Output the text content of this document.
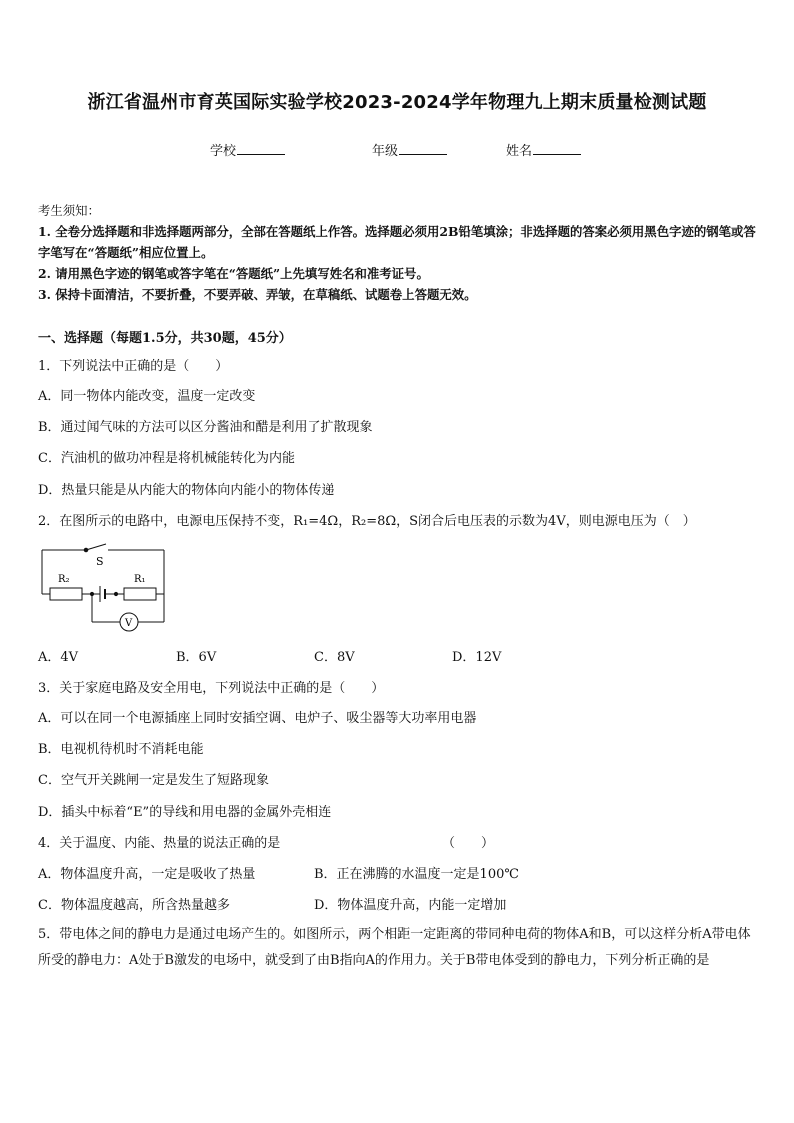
浙江省温州市育英国际实验学校2023-2024学年物理九上期末质量检测试题
学校	年级	姓名
考生须知：
1. 全卷分选择题和非选择题两部分，全部在答题纸上作答。选择题必须用2B铅笔填涂；非选择题的答案必须用黑色字迹的钢笔或答字笔写在“答题纸”相应位置上。
2. 请用黑色字迹的钢笔或答字笔在“答题纸”上先填写姓名和准考证号。
3. 保持卡面清洁，不要折叠，不要弄破、弄皱，在草稿纸、试题卷上答题无效。
一、选择题（每题1.5分，共30题，45分）
1．下列说法中正确的是（　　）
A．同一物体内能改变，温度一定改变
B．通过闻气味的方法可以区分酱油和醋是利用了扩散现象
C．汽油机的做功冲程是将机械能转化为内能
D．热量只能是从内能大的物体向内能小的物体传递
2．在图所示的电路中，电源电压保持不变，R₁=4Ω，R₂=8Ω，S闭合后电压表的示数为4V，则电源电压为（　）
S
R₂	R₁
V
A．4V	B．6V	C．8V	D．12V
3．关于家庭电路及安全用电，下列说法中正确的是（　　）
A．可以在同一个电源插座上同时安插空调、电炉子、吸尘器等大功率用电器
B．电视机待机时不消耗电能
C．空气开关跳闸一定是发生了短路现象
D．插头中标着“E”的导线和用电器的金属外壳相连
4．关于温度、内能、热量的说法正确的是	（　　）
A．物体温度升高，一定是吸收了热量	B．正在沸腾的水温度一定是100℃
C．物体温度越高，所含热量越多	D．物体温度升高，内能一定增加
5．带电体之间的静电力是通过电场产生的。如图所示，两个相距一定距离的带同种电荷的物体A和B，可以这样分析A带电体所受的静电力：A处于B激发的电场中，就受到了由B指向A的作用力。关于B带电体受到的静电力，下列分析正确的是
